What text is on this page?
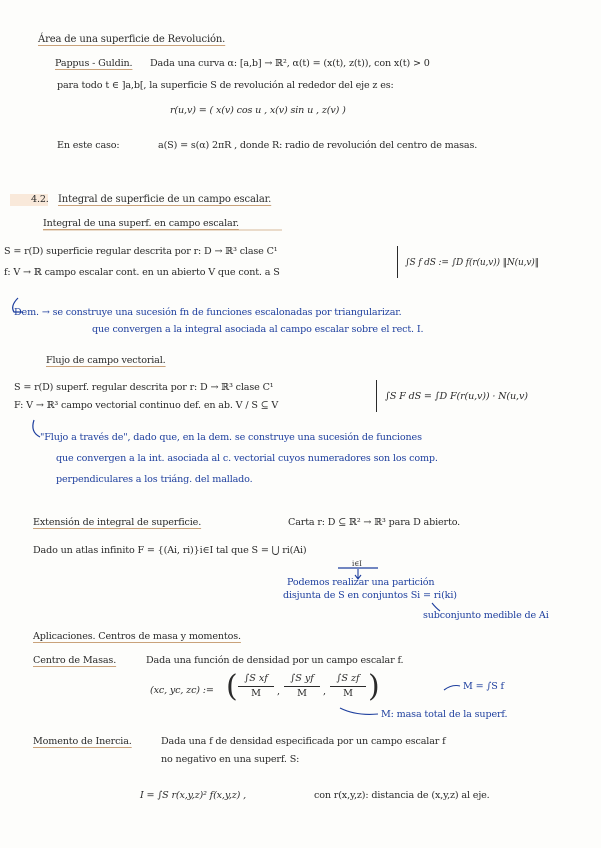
Área de una superficie de Revolución.
Pappus - Guldin. Dada una curva α: [a,b] → ℝ², α(t) = (x(t), z(t)), con x(t) > 0
para todo t ∈ ]a,b[, la superficie S de revolución al rededor del eje z es:
r(u,v) = ( x(v) cos u , x(v) sin u , z(v) )
En este caso:	a(S) = s(α) 2πR , donde R: radio de revolución del centro de masas.
4.2. Integral de superficie de un campo escalar.
Integral de una superf. en campo escalar.
S = r(D) superficie regular descrita por r: D → ℝ³ clase C¹
f: V → ℝ campo escalar cont. en un abierto V que cont. a S
∫S f dS := ∫D f(r(u,v)) ‖N(u,v)‖
Dem. → se construye una sucesión fn de funciones escalonadas por triangularizar.
que convergen a la integral asociada al campo escalar sobre el rect. I.
Flujo de campo vectorial.
S = r(D) superf. regular descrita por r: D → ℝ³ clase C¹
F: V → ℝ³ campo vectorial continuo def. en ab. V / S ⊆ V
∫S F dS = ∫D F(r(u,v)) · N(u,v)
"Flujo a través de", dado que, en la dem. se construye una sucesión de funciones
que convergen a la int. asociada al c. vectorial cuyos numeradores son los comp.
perpendiculares a los triáng. del mallado.
Extensión de integral de superficie.	Carta r: D ⊆ ℝ² → ℝ³ para D abierto.
Dado un atlas infinito F = {(Ai, ri)}i∈I tal que S = ⋃ ri(Ai)
i∈I
Podemos realizar una partición
disjunta de S en conjuntos Si = ri(ki)
subconjunto medible de Ai
Aplicaciones. Centros de masa y momentos.
Centro de Masas.	Dada una función de densidad por un campo escalar f.
(xc, yc, zc) := ( ∫S xf
M	,
∫S yf
M	,
∫S zf
M )	M = ∫S f
M: masa total de la superf.
Momento de Inercia.	Dada una f de densidad especificada por un campo escalar f
no negativo en una superf. S:
I = ∫S r(x,y,z)² f(x,y,z) ,	con r(x,y,z): distancia de (x,y,z) al eje.
